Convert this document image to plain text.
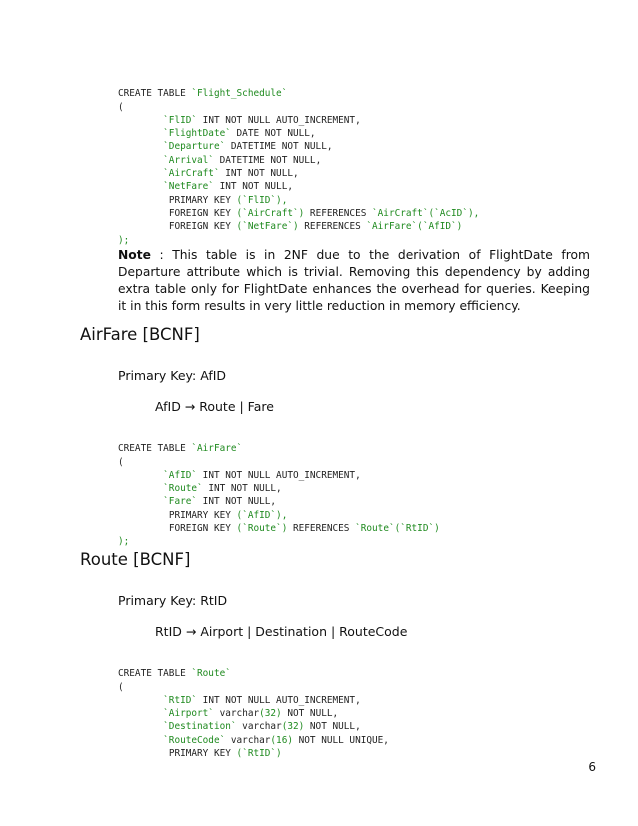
CREATE TABLE `Flight_Schedule`
(
`FlID` INT NOT NULL AUTO_INCREMENT,
`FlightDate` DATE NOT NULL,
`Departure` DATETIME NOT NULL,
`Arrival` DATETIME NOT NULL,
`AirCraft` INT NOT NULL,
`NetFare` INT NOT NULL,
PRIMARY KEY (`FlID`),
FOREIGN KEY (`AirCraft`) REFERENCES `AirCraft`(`AcID`),
FOREIGN KEY (`NetFare`) REFERENCES `AirFare`(`AfID`)
);
Note : This table is in 2NF due to the derivation of FlightDate from Departure attribute which is trivial. Removing this dependency by adding extra table only for FlightDate enhances the overhead for queries. Keeping it in this form results in very little reduction in memory efficiency.
AirFare [BCNF]
Primary Key: AfID
AfID → Route | Fare

CREATE TABLE `AirFare`
(
`AfID` INT NOT NULL AUTO_INCREMENT,
`Route` INT NOT NULL,
`Fare` INT NOT NULL,
PRIMARY KEY (`AfID`),
FOREIGN KEY (`Route`) REFERENCES `Route`(`RtID`)
);
Route [BCNF]
Primary Key: RtID
RtID → Airport | Destination | RouteCode

CREATE TABLE `Route`
(
`RtID` INT NOT NULL AUTO_INCREMENT,
`Airport` varchar(32) NOT NULL,
`Destination` varchar(32) NOT NULL,
`RouteCode` varchar(16) NOT NULL UNIQUE,
PRIMARY KEY (`RtID`)
6
